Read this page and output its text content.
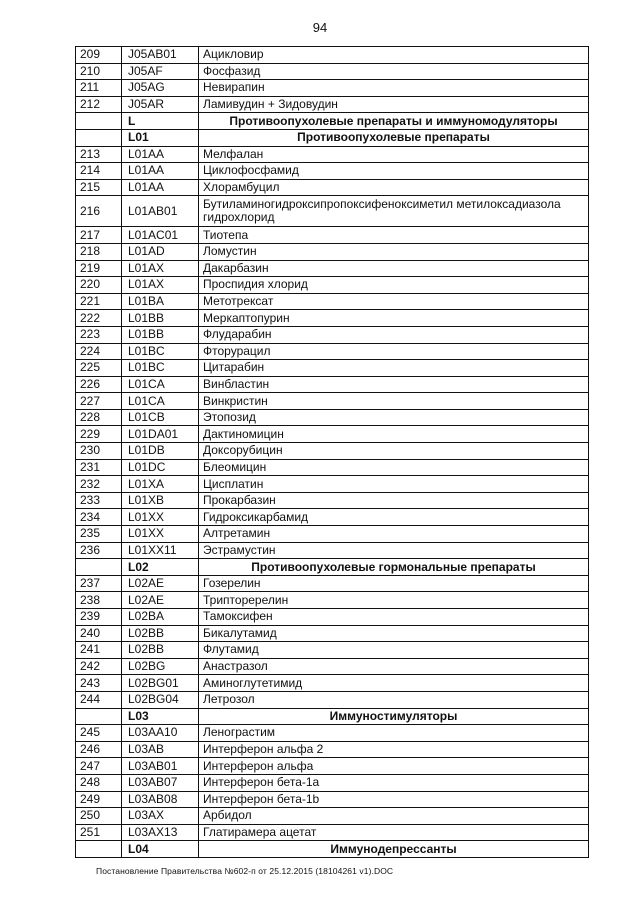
94
209	J05AB01	Ацикловир
210	J05AF	Фосфазид
211	J05AG	Невирапин
212	J05AR	Ламивудин + Зидовудин
	L	Противоопухолевые препараты и иммуномодуляторы
	L01	Противоопухолевые препараты
213	L01AA	Мелфалан
214	L01AA	Циклофосфамид
215	L01AA	Хлорамбуцил
216	L01AB01	Бутиламиногидроксипропоксифеноксиметил метилоксадиазола гидрохлорид
217	L01AC01	Тиотепа
218	L01AD	Ломустин
219	L01AX	Дакарбазин
220	L01AX	Проспидия хлорид
221	L01BA	Метотрексат
222	L01BB	Меркаптопурин
223	L01BB	Флударабин
224	L01BC	Фторурацил
225	L01BC	Цитарабин
226	L01CA	Винбластин
227	L01CA	Винкристин
228	L01CB	Этопозид
229	L01DA01	Дактиномицин
230	L01DB	Доксорубицин
231	L01DC	Блеомицин
232	L01XA	Цисплатин
233	L01XB	Прокарбазин
234	L01XX	Гидроксикарбамид
235	L01XX	Алтретамин
236	L01XX11	Эстрамустин
	L02	Противоопухолевые гормональные препараты
237	L02AE	Гозерелин
238	L02AE	Трипторерелин
239	L02BA	Тамоксифен
240	L02BB	Бикалутамид
241	L02BB	Флутамид
242	L02BG	Анастразол
243	L02BG01	Аминоглутетимид
244	L02BG04	Летрозол
	L03	Иммуностимуляторы
245	L03AA10	Ленограстим
246	L03AB	Интерферон альфа 2
247	L03AB01	Интерферон альфа
248	L03AB07	Интерферон бета-1а
249	L03AB08	Интерферон бета-1b
250	L03AX	Арбидол
251	L03AX13	Глатирамера ацетат
	L04	Иммунодепрессанты
Постановление Правительства №602-п от 25.12.2015 (18104261 v1).DOC
